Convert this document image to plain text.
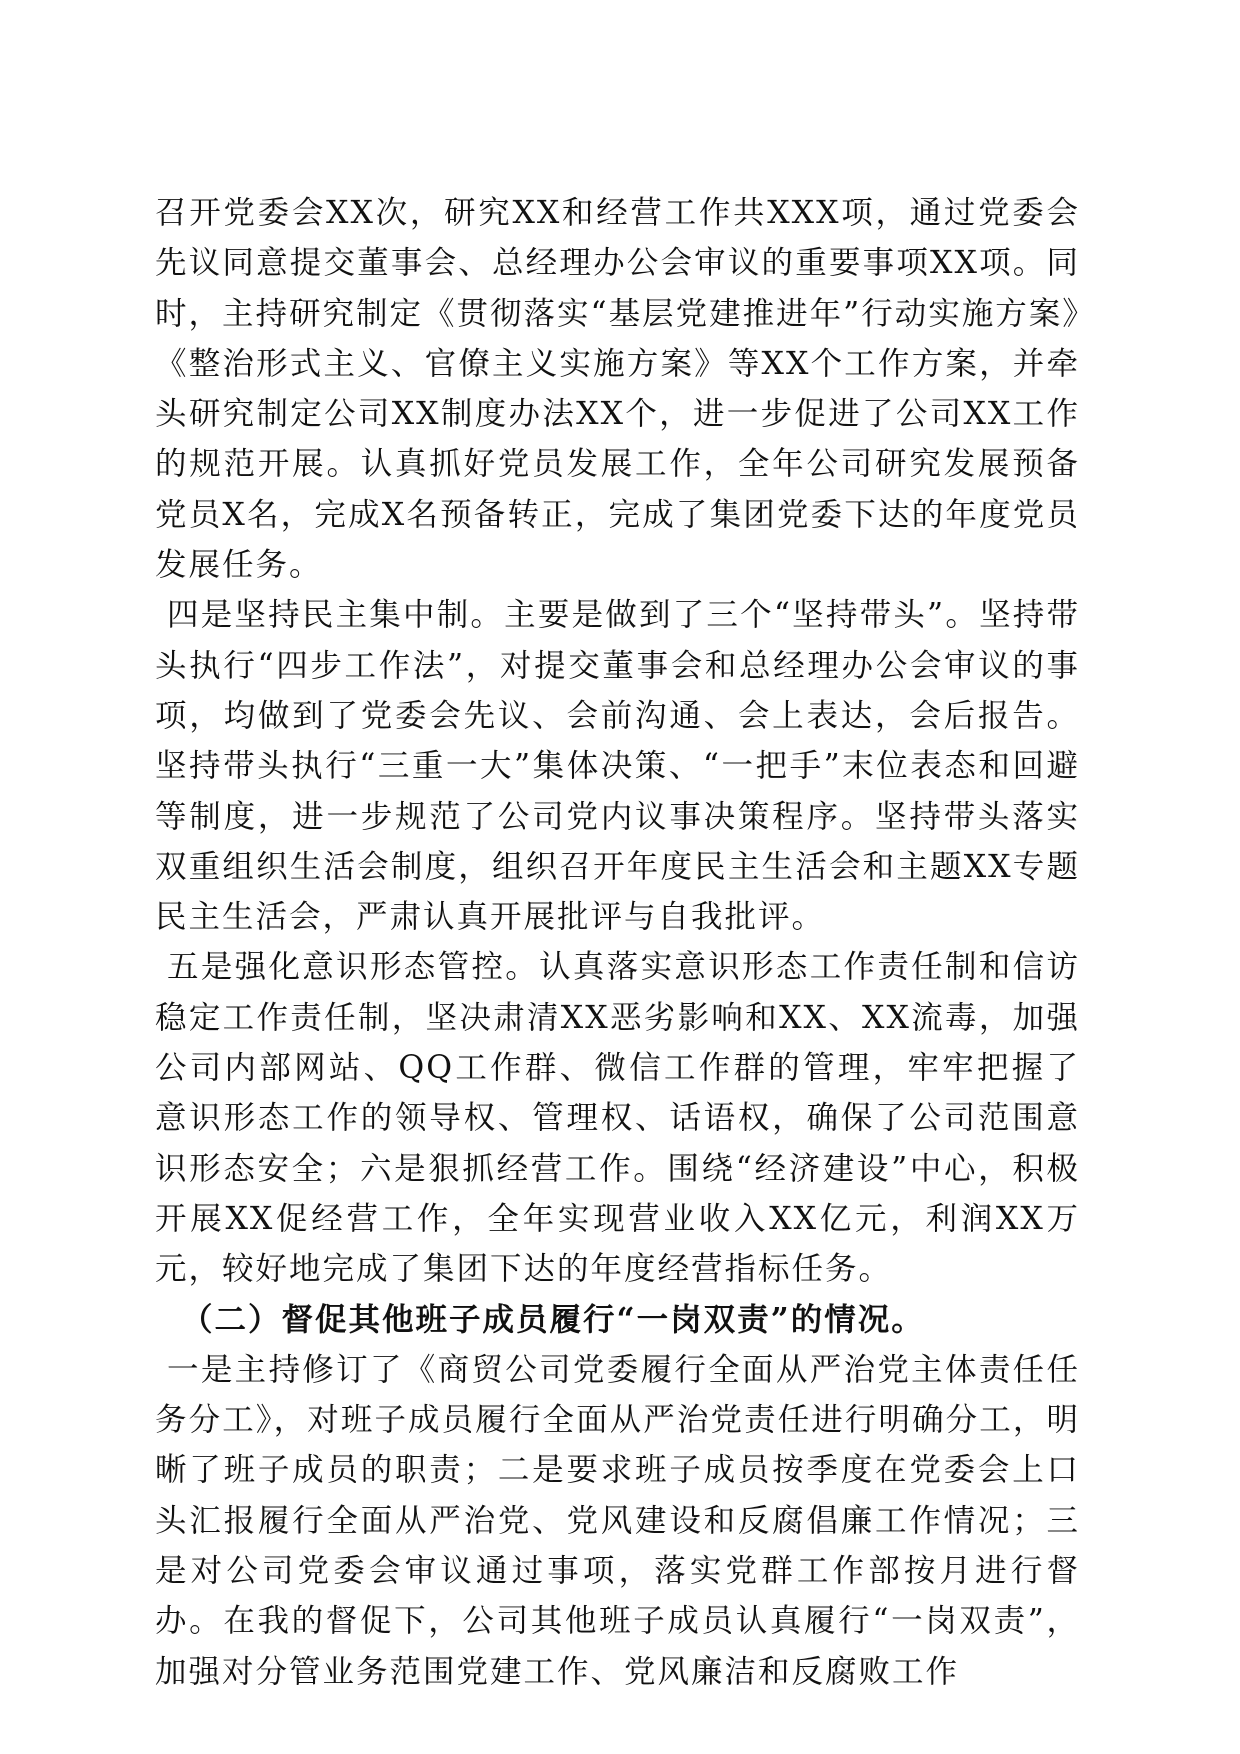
召开党委会XX次，研究XX和经营工作共XXX项，通过党委会先议同意提交董事会、总经理办公会审议的重要事项XX项。同时，主持研究制定《贯彻落实“基层党建推进年”行动实施方案》《整治形式主义、官僚主义实施方案》等XX个工作方案，并牵头研究制定公司XX制度办法XX个，进一步促进了公司XX工作的规范开展。认真抓好党员发展工作，全年公司研究发展预备党员X名，完成X名预备转正，完成了集团党委下达的年度党员发展任务。

四是坚持民主集中制。主要是做到了三个“坚持带头”。坚持带头执行“四步工作法”，对提交董事会和总经理办公会审议的事项，均做到了党委会先议、会前沟通、会上表达，会后报告。坚持带头执行“三重一大”集体决策、“一把手”末位表态和回避等制度，进一步规范了公司党内议事决策程序。坚持带头落实双重组织生活会制度，组织召开年度民主生活会和主题XX专题民主生活会，严肃认真开展批评与自我批评。

五是强化意识形态管控。认真落实意识形态工作责任制和信访稳定工作责任制，坚决肃清XX恶劣影响和XX、XX流毒，加强公司内部网站、QQ工作群、微信工作群的管理，牢牢把握了意识形态工作的领导权、管理权、话语权，确保了公司范围意识形态安全；六是狠抓经营工作。围绕“经济建设”中心，积极开展XX促经营工作，全年实现营业收入XX亿元，利润XX万元，较好地完成了集团下达的年度经营指标任务。

（二）督促其他班子成员履行“一岗双责”的情况。

一是主持修订了《商贸公司党委履行全面从严治党主体责任任务分工》，对班子成员履行全面从严治党责任进行明确分工，明晰了班子成员的职责；二是要求班子成员按季度在党委会上口头汇报履行全面从严治党、党风建设和反腐倡廉工作情况；三是对公司党委会审议通过事项，落实党群工作部按月进行督办。在我的督促下，公司其他班子成员认真履行“一岗双责”，加强对分管业务范围党建工作、党风廉洁和反腐败工作
